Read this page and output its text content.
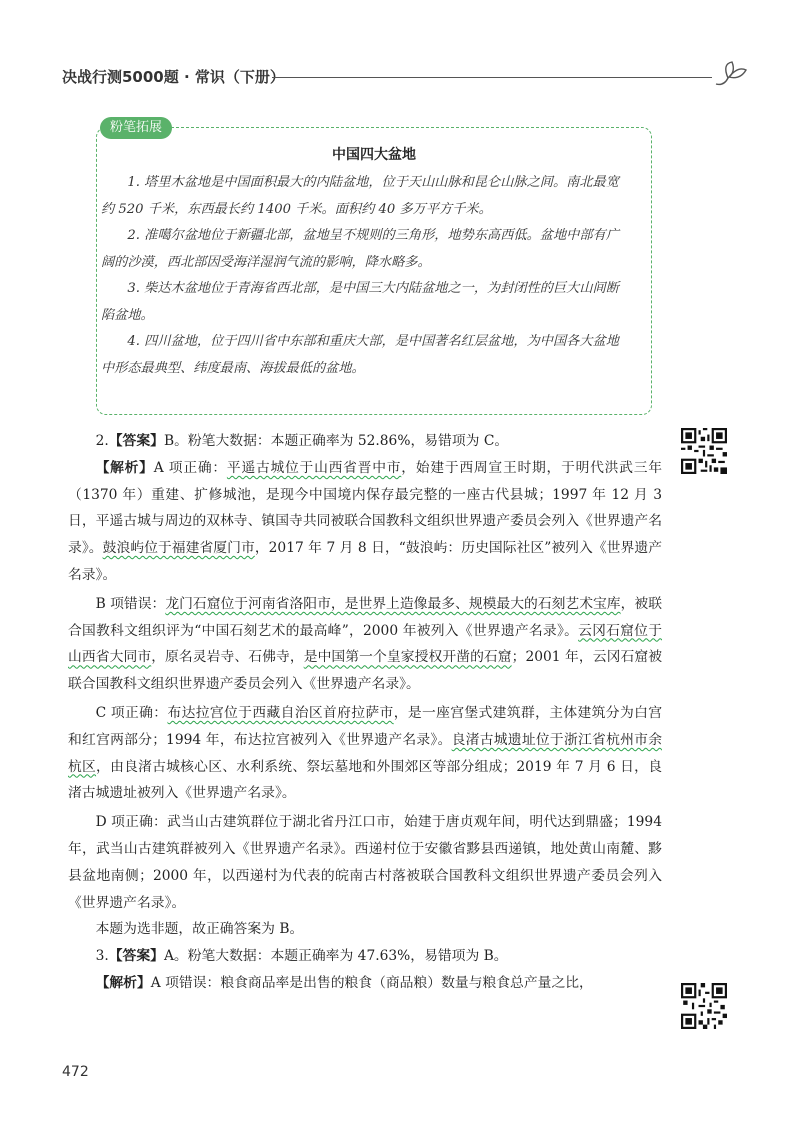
决战行测5000题 · 常识（下册）
粉笔拓展
中国四大盆地

1. 塔里木盆地是中国面积最大的内陆盆地，位于天山山脉和昆仑山脉之间。南北最宽约 520 千米，东西最长约 1400 千米。面积约 40 多万平方千米。

2. 准噶尔盆地位于新疆北部，盆地呈不规则的三角形，地势东高西低。盆地中部有广阔的沙漠，西北部因受海洋湿润气流的影响，降水略多。

3. 柴达木盆地位于青海省西北部，是中国三大内陆盆地之一，为封闭性的巨大山间断陷盆地。

4. 四川盆地，位于四川省中东部和重庆大部，是中国著名红层盆地，为中国各大盆地中形态最典型、纬度最南、海拔最低的盆地。

2.【答案】B。粉笔大数据：本题正确率为 52.86%，易错项为 C。

【解析】A 项正确：平遥古城位于山西省晋中市，始建于西周宣王时期，于明代洪武三年（1370 年）重建、扩修城池，是现今中国境内保存最完整的一座古代县城；1997 年 12 月 3 日，平遥古城与周边的双林寺、镇国寺共同被联合国教科文组织世界遗产委员会列入《世界遗产名录》。鼓浪屿位于福建省厦门市，2017 年 7 月 8 日，“鼓浪屿：历史国际社区”被列入《世界遗产名录》。

B 项错误：龙门石窟位于河南省洛阳市，是世界上造像最多、规模最大的石刻艺术宝库，被联合国教科文组织评为“中国石刻艺术的最高峰”，2000 年被列入《世界遗产名录》。云冈石窟位于山西省大同市，原名灵岩寺、石佛寺，是中国第一个皇家授权开凿的石窟；2001 年，云冈石窟被联合国教科文组织世界遗产委员会列入《世界遗产名录》。

C 项正确：布达拉宫位于西藏自治区首府拉萨市，是一座宫堡式建筑群，主体建筑分为白宫和红宫两部分；1994 年，布达拉宫被列入《世界遗产名录》。良渚古城遗址位于浙江省杭州市余杭区，由良渚古城核心区、水利系统、祭坛墓地和外围郊区等部分组成；2019 年 7 月 6 日，良渚古城遗址被列入《世界遗产名录》。

D 项正确：武当山古建筑群位于湖北省丹江口市，始建于唐贞观年间，明代达到鼎盛；1994 年，武当山古建筑群被列入《世界遗产名录》。西递村位于安徽省黟县西递镇，地处黄山南麓、黟县盆地南侧；2000 年，以西递村为代表的皖南古村落被联合国教科文组织世界遗产委员会列入《世界遗产名录》。

本题为选非题，故正确答案为 B。

3.【答案】A。粉笔大数据：本题正确率为 47.63%，易错项为 B。

【解析】A 项错误：粮食商品率是出售的粮食（商品粮）数量与粮食总产量之比，

472
